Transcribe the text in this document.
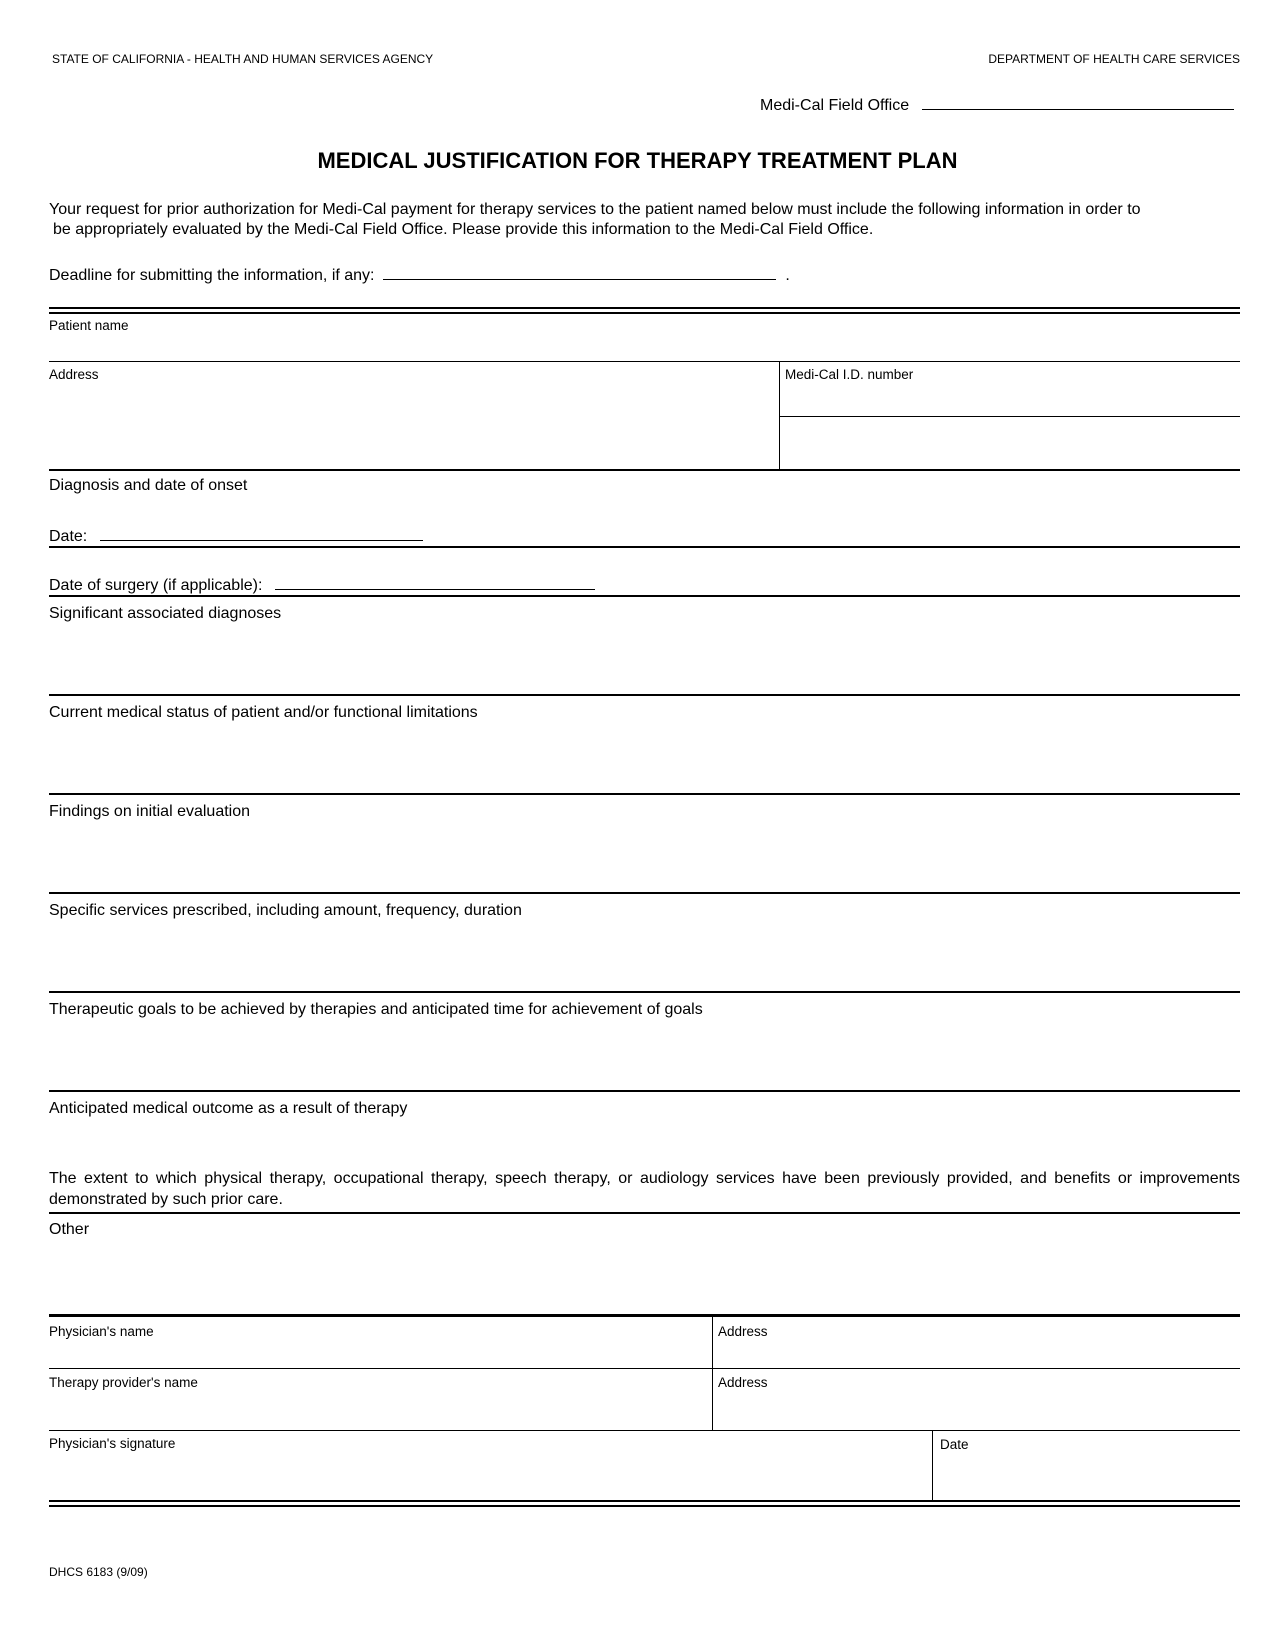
STATE OF CALIFORNIA - HEALTH AND HUMAN SERVICES AGENCY	DEPARTMENT OF HEALTH CARE SERVICES
Medi-Cal Field Office
MEDICAL JUSTIFICATION FOR THERAPY TREATMENT PLAN
Your request for prior authorization for Medi-Cal payment for therapy services to the patient named below must include the following information in order to
be appropriately evaluated by the Medi-Cal Field Office. Please provide this information to the Medi-Cal Field Office.
Deadline for submitting the information, if any:	.
Patient name
Address	Medi-Cal I.D. number
Diagnosis and date of onset
Date:
Date of surgery (if applicable):
Significant associated diagnoses
Current medical status of patient and/or functional limitations
Findings on initial evaluation
Specific services prescribed, including amount, frequency, duration
Therapeutic goals to be achieved by therapies and anticipated time for achievement of goals
Anticipated medical outcome as a result of therapy
The extent to which physical therapy, occupational therapy, speech therapy, or audiology services have been previously provided, and benefits or improvements
demonstrated by such prior care.
Other
Physician's name	Address
Therapy provider's name	Address
Physician's signature	Date
DHCS 6183 (9/09)
